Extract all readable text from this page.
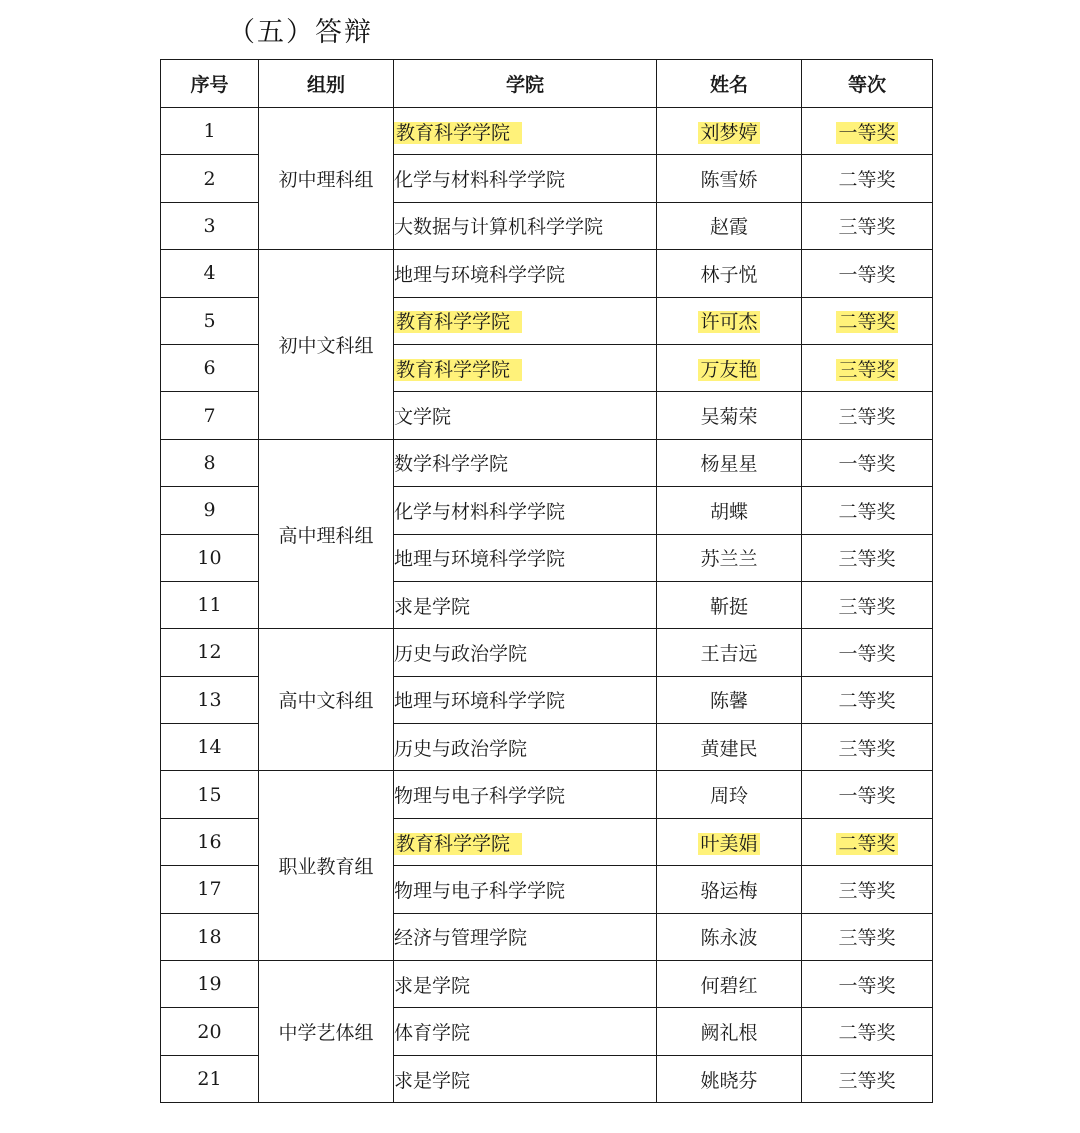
（五）答辩
序号	组别	学院	姓名	等次
1	初中理科组	教育科学学院	刘梦婷	一等奖
2		化学与材料科学学院	陈雪娇	二等奖
3		大数据与计算机科学学院	赵霞	三等奖
4	初中文科组	地理与环境科学学院	林子悦	一等奖
5		教育科学学院	许可杰	二等奖
6		教育科学学院	万友艳	三等奖
7		文学院	吴菊荣	三等奖
8	高中理科组	数学科学学院	杨星星	一等奖
9		化学与材料科学学院	胡蝶	二等奖
10		地理与环境科学学院	苏兰兰	三等奖
11		求是学院	靳挺	三等奖
12	高中文科组	历史与政治学院	王吉远	一等奖
13		地理与环境科学学院	陈馨	二等奖
14		历史与政治学院	黄建民	三等奖
15	职业教育组	物理与电子科学学院	周玲	一等奖
16		教育科学学院	叶美娟	二等奖
17		物理与电子科学学院	骆运梅	三等奖
18		经济与管理学院	陈永波	三等奖
19	中学艺体组	求是学院	何碧红	一等奖
20		体育学院	阙礼根	二等奖
21		求是学院	姚晓芬	三等奖
